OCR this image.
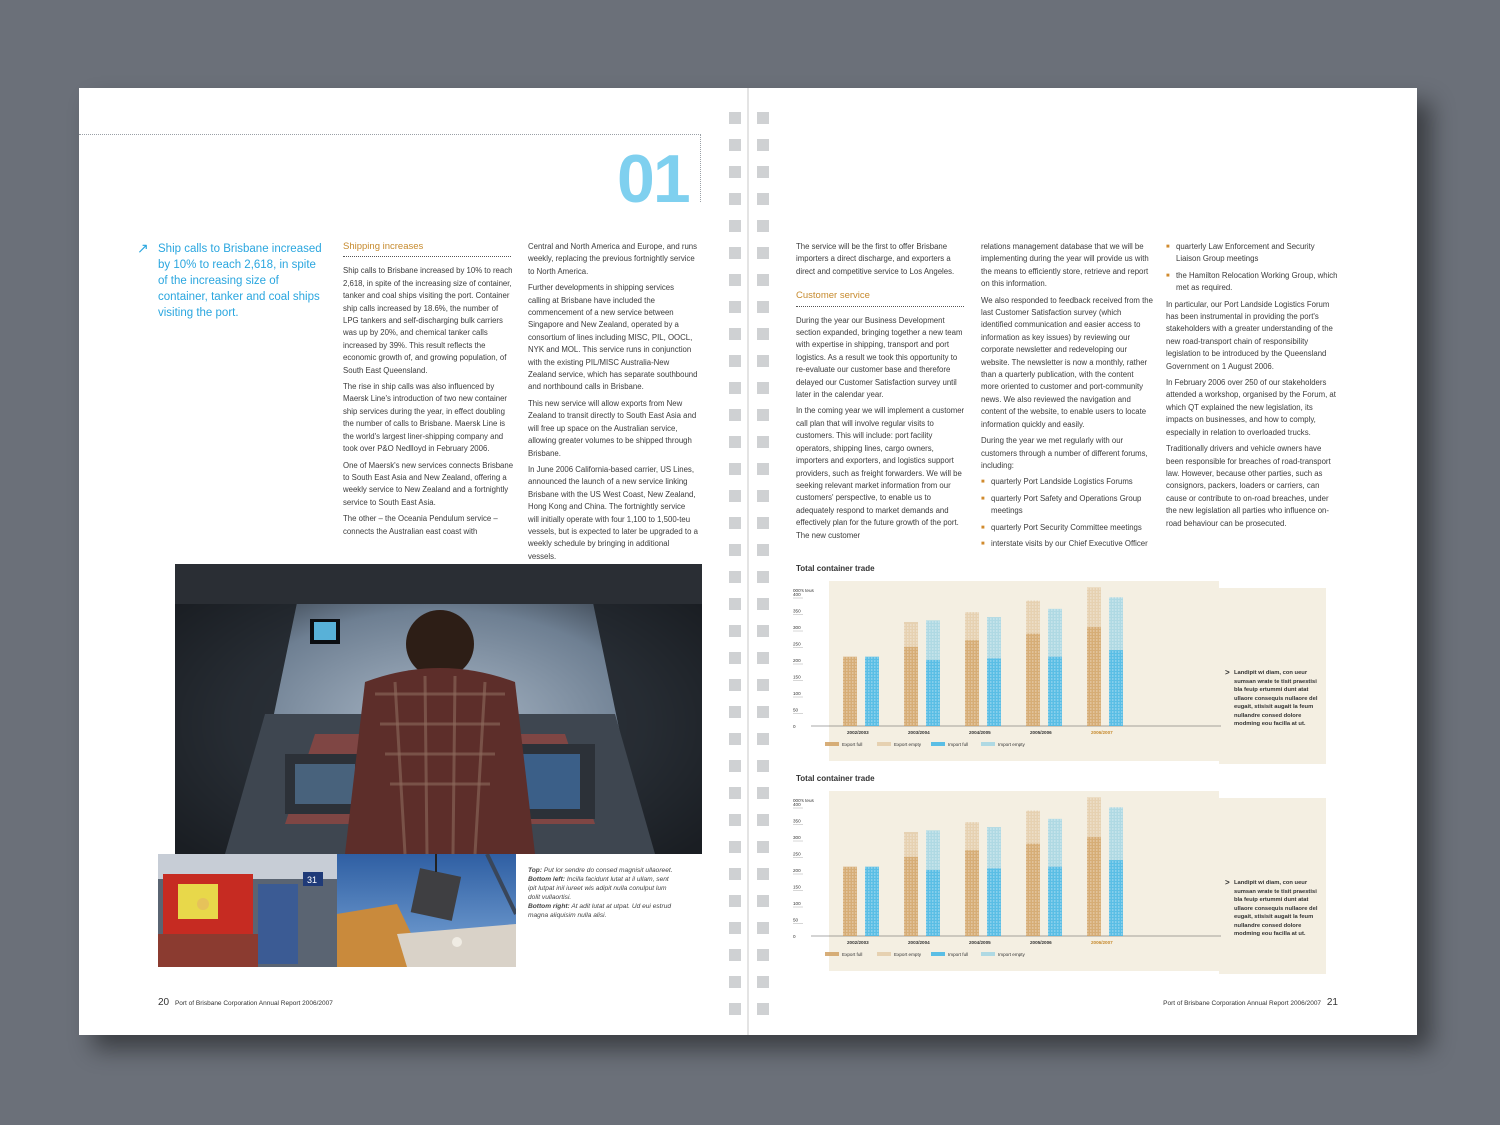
01
↗ Ship calls to Brisbane increased by 10% to reach 2,618, in spite of the increasing size of container, tanker and coal ships visiting the port.
Shipping increases

Ship calls to Brisbane increased by 10% to reach 2,618, in spite of the increasing size of container, tanker and coal ships visiting the port. Container ship calls increased by 18.6%, the number of LPG tankers and self-discharging bulk carriers was up by 20%, and chemical tanker calls increased by 39%. This result reflects the economic growth of, and growing population, of South East Queensland.

The rise in ship calls was also influenced by Maersk Line's introduction of two new container ship services during the year, in effect doubling the number of calls to Brisbane. Maersk Line is the world's largest liner-shipping company and took over P&O Nedlloyd in February 2006.

One of Maersk's new services connects Brisbane to South East Asia and New Zealand, offering a weekly service to New Zealand and a fortnightly service to South East Asia.

The other – the Oceania Pendulum service – connects the Australian east coast with

Central and North America and Europe, and runs weekly, replacing the previous fortnightly service to North America.

Further developments in shipping services calling at Brisbane have included the commencement of a new service between Singapore and New Zealand, operated by a consortium of lines including MISC, PIL, OOCL, NYK and MOL. This service runs in conjunction with the existing PIL/MISC Australia-New Zealand service, which has separate southbound and northbound calls in Brisbane.

This new service will allow exports from New Zealand to transit directly to South East Asia and will free up space on the Australian service, allowing greater volumes to be shipped through Brisbane.

In June 2006 California-based carrier, US Lines, announced the launch of a new service linking Brisbane with the US West Coast, New Zealand, Hong Kong and China. The fortnightly service will initially operate with four 1,100 to 1,500-teu vessels, but is expected to later be upgraded to a weekly schedule by bringing in additional vessels.

31
Top: Put lor sendre do consed magnisit ullaoreet.
Bottom left: Incilla facidunt lutat at il ullam, sent ipit lutpat inil iureet wis adipit nulla conulput lum dolit vullaortisi.
Bottom right: At adit lutat at utpat. Ud eui estrud magna aliquisim nulla alisi.
20 Port of Brisbane Corporation Annual Report 2006/2007

The service will be the first to offer Brisbane importers a direct discharge, and exporters a direct and competitive service to Los Angeles.

Customer service

During the year our Business Development section expanded, bringing together a new team with expertise in shipping, transport and port logistics. As a result we took this opportunity to re-evaluate our customer base and therefore delayed our Customer Satisfaction survey until later in the calendar year.

In the coming year we will implement a customer call plan that will involve regular visits to customers. This will include: port facility operators, shipping lines, cargo owners, importers and exporters, and logistics support providers, such as freight forwarders. We will be seeking relevant market information from our customers' perspective, to enable us to adequately respond to market demands and effectively plan for the future growth of the port. The new customer

relations management database that we will be implementing during the year will provide us with the means to efficiently store, retrieve and report on this information.

We also responded to feedback received from the last Customer Satisfaction survey (which identified communication and easier access to information as key issues) by reviewing our corporate newsletter and redeveloping our website. The newsletter is now a monthly, rather than a quarterly publication, with the content more oriented to customer and port-community news. We also reviewed the navigation and content of the website, to enable users to locate information quickly and easily.

During the year we met regularly with our customers through a number of different forums, including:

■ quarterly Port Landside Logistics Forums
■ quarterly Port Safety and Operations Group meetings
■ quarterly Port Security Committee meetings
■ interstate visits by our Chief Executive Officer
■ quarterly Law Enforcement and Security Liaison Group meetings
■ the Hamilton Relocation Working Group, which met as required.

In particular, our Port Landside Logistics Forum has been instrumental in providing the port's stakeholders with a greater understanding of the new road-transport chain of responsibility legislation to be introduced by the Queensland Government on 1 August 2006.

In February 2006 over 250 of our stakeholders attended a workshop, organised by the Forum, at which QT explained the new legislation, its impacts on businesses, and how to comply, especially in relation to overloaded trucks.

Traditionally drivers and vehicle owners have been responsible for breaches of road-transport law. However, because other parties, such as consignors, packers, loaders or carriers, can cause or contribute to on-road breaches, under the new legislation all parties who influence on-road behaviour can be prosecuted.

Total container trade
000's teus
0
50
100
150
200
250
300
350
400
2002/2003	2003/2004	2004/2005	2005/2006	2006/2007
Export full	Export empty	Import full	Import empty
> Landipit wi diam, con ueur sumsan wrate te tisit praestisi bla feuip ertummi dunt atat ullaore consequis nullaore del eugait, stisisit augait la feum nullandre consed dolore modming eou facilla at ut.
Total container trade
000's teus
0
50
100
150
200
250
300
350
400
2002/2003	2003/2004	2004/2005	2005/2006	2006/2007
Export full	Export empty	Import full	Import empty
> Landipit wi diam, con ueur sumsan wrate te tisit praestisi bla feuip ertummi dunt atat ullaore consequis nullaore del eugait, stisisit augait la feum nullandre consed dolore modming eou facilla at ut.
Port of Brisbane Corporation Annual Report 2006/2007 21
